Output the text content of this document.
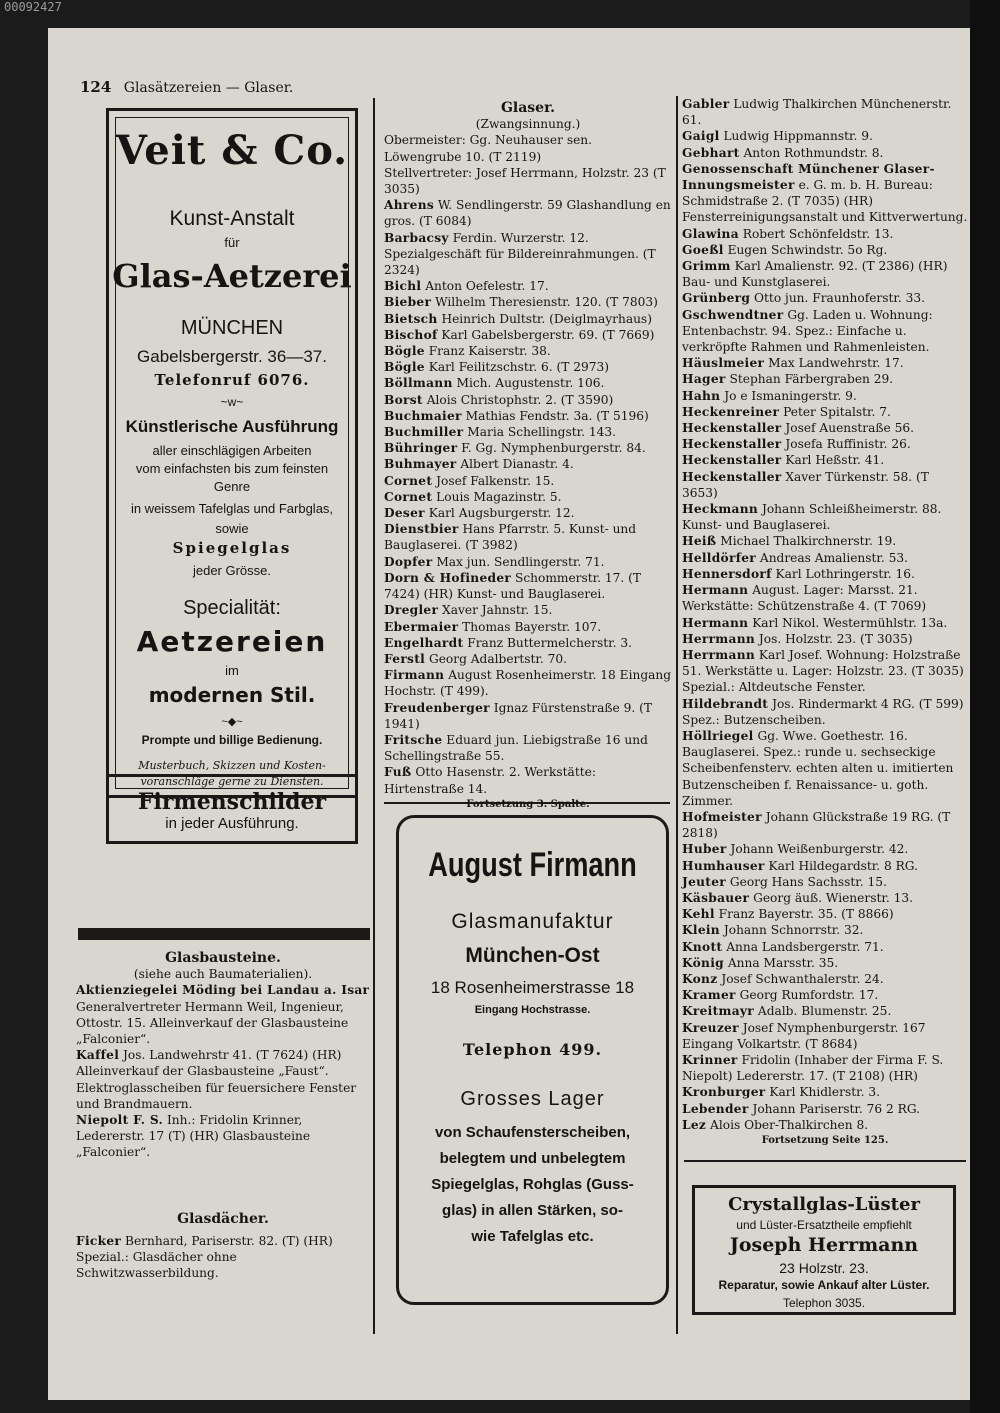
00092427
124 Glasätzereien — Glaser.
Veit & Co.
Kunst-Anstalt
für
Glas-Aetzerei
MÜNCHEN
Gabelsbergerstr. 36—37.
Telefonruf 6076.
~w~
Künstlerische Ausführung
aller einschlägigen Arbeiten
vom einfachsten bis zum feinsten
Genre
in weissem Tafelglas und Farbglas,
sowie
Spiegelglas
jeder Grösse.
Specialität:
Aetzereien
im
modernen Stil.
~◆~
Prompte und billige Bedienung.
Musterbuch, Skizzen und Kosten-
voranschläge gerne zu Diensten.
Firmenschilder
in jeder Ausführung.

Glasbausteine.

(siehe auch Baumaterialien).

Aktienziegelei Möding bei Landau a. Isar Generalvertreter Hermann Weil, Ingenieur, Ottostr. 15. Alleinverkauf der Glasbausteine „Falconier“.

Kaffel Jos. Landwehrstr 41. (T 7624) (HR) Alleinverkauf der Glasbausteine „Faust“. Elektroglasscheiben für feuersichere Fenster und Brandmauern.

Niepolt F. S. Inh.: Fridolin Krinner, Ledererstr. 17 (T) (HR) Glasbausteine „Falconier“.

Glasdächer.

Ficker Bernhard, Pariserstr. 82. (T) (HR) Spezial.: Glasdächer ohne Schwitzwasserbildung.

Glaser.

(Zwangsinnung.)

Obermeister: Gg. Neuhauser sen. Löwengrube 10. (T 2119)

Stellvertreter: Josef Herrmann, Holzstr. 23 (T 3035)

Ahrens W. Sendlingerstr. 59 Glashandlung en gros. (T 6084)

Barbacsy Ferdin. Wurzerstr. 12. Spezialgeschäft für Bildereinrahmungen. (T 2324)

Bichl Anton Oefelestr. 17.

Bieber Wilhelm Theresienstr. 120. (T 7803)

Bietsch Heinrich Dultstr. (Deiglmayrhaus)

Bischof Karl Gabelsbergerstr. 69. (T 7669)

Bögle Franz Kaiserstr. 38.

Bögle Karl Feilitzschstr. 6. (T 2973)

Böllmann Mich. Augustenstr. 106.

Borst Alois Christophstr. 2. (T 3590)

Buchmaier Mathias Fendstr. 3a. (T 5196)

Buchmiller Maria Schellingstr. 143.

Bühringer F. Gg. Nymphenburgerstr. 84.

Buhmayer Albert Dianastr. 4.

Cornet Josef Falkenstr. 15.

Cornet Louis Magazinstr. 5.

Deser Karl Augsburgerstr. 12.

Dienstbier Hans Pfarrstr. 5. Kunst- und Bauglaserei. (T 3982)

Dopfer Max jun. Sendlingerstr. 71.

Dorn & Hofineder Schommerstr. 17. (T 7424) (HR) Kunst- und Bauglaserei.

Dregler Xaver Jahnstr. 15.

Ebermaier Thomas Bayerstr. 107.

Engelhardt Franz Buttermelcherstr. 3.

Ferstl Georg Adalbertstr. 70.

Firmann August Rosenheimerstr. 18 Eingang Hochstr. (T 499).

Freudenberger Ignaz Fürstenstraße 9. (T 1941)

Fritsche Eduard jun. Liebigstraße 16 und Schellingstraße 55.

Fuß Otto Hasenstr. 2. Werkstätte: Hirtenstraße 14.

Fortsetzung 3. Spalte.

August Firmann
Glasmanufaktur
München-Ost
18 Rosenheimerstrasse 18
Eingang Hochstrasse.
Telephon 499.
Grosses Lager
von Schaufensterscheiben,
belegtem und unbelegtem
Spiegelglas, Rohglas (Guss-
glas) in allen Stärken, so-
wie Tafelglas etc.

Gabler Ludwig Thalkirchen Münchenerstr. 61.

Gaigl Ludwig Hippmannstr. 9.

Gebhart Anton Rothmundstr. 8.

Genossenschaft Münchener Glaser-Innungsmeister e. G. m. b. H. Bureau: Schmidstraße 2. (T 7035) (HR) Fensterreinigungsanstalt und Kittverwertung.

Glawina Robert Schönfeldstr. 13.

Goeßl Eugen Schwindstr. 5o Rg.

Grimm Karl Amalienstr. 92. (T 2386) (HR) Bau- und Kunstglaserei.

Grünberg Otto jun. Fraunhoferstr. 33.

Gschwendtner Gg. Laden u. Wohnung: Entenbachstr. 94. Spez.: Einfache u. verkröpfte Rahmen und Rahmenleisten.

Häuslmeier Max Landwehrstr. 17.

Hager Stephan Färbergraben 29.

Hahn Jo e Ismaningerstr. 9.

Heckenreiner Peter Spitalstr. 7.

Heckenstaller Josef Auenstraße 56.

Heckenstaller Josefa Ruffinistr. 26.

Heckenstaller Karl Heßstr. 41.

Heckenstaller Xaver Türkenstr. 58. (T 3653)

Heckmann Johann Schleißheimerstr. 88. Kunst- und Bauglaserei.

Heiß Michael Thalkirchnerstr. 19.

Helldörfer Andreas Amalienstr. 53.

Hennersdorf Karl Lothringerstr. 16.

Hermann August. Lager: Marsst. 21. Werkstätte: Schützenstraße 4. (T 7069)

Hermann Karl Nikol. Westermühlstr. 13a.

Herrmann Jos. Holzstr. 23. (T 3035)

Herrmann Karl Josef. Wohnung: Holzstraße 51. Werkstätte u. Lager: Holzstr. 23. (T 3035) Spezial.: Altdeutsche Fenster.

Hildebrandt Jos. Rindermarkt 4 RG. (T 599) Spez.: Butzenscheiben.

Höllriegel Gg. Wwe. Goethestr. 16. Bauglaserei. Spez.: runde u. sechseckige Scheibenfensterv. echten alten u. imitierten Butzenscheiben f. Renaissance- u. goth. Zimmer.

Hofmeister Johann Glückstraße 19 RG. (T 2818)

Huber Johann Weißenburgerstr. 42.

Humhauser Karl Hildegardstr. 8 RG.

Jeuter Georg Hans Sachsstr. 15.

Käsbauer Georg äuß. Wienerstr. 13.

Kehl Franz Bayerstr. 35. (T 8866)

Klein Johann Schnorrstr. 32.

Knott Anna Landsbergerstr. 71.

König Anna Marsstr. 35.

Konz Josef Schwanthalerstr. 24.

Kramer Georg Rumfordstr. 17.

Kreitmayr Adalb. Blumenstr. 25.

Kreuzer Josef Nymphenburgerstr. 167 Eingang Volkartstr. (T 8684)

Krinner Fridolin (Inhaber der Firma F. S. Niepolt) Ledererstr. 17. (T 2108) (HR)

Kronburger Karl Khidlerstr. 3.

Lebender Johann Pariserstr. 76 2 RG.

Lez Alois Ober-Thalkirchen 8.

Fortsetzung Seite 125.

Crystallglas-Lüster
und Lüster-Ersatztheile empfiehlt
Joseph Herrmann
23 Holzstr. 23.
Reparatur, sowie Ankauf alter Lüster.
Telephon 3035.
